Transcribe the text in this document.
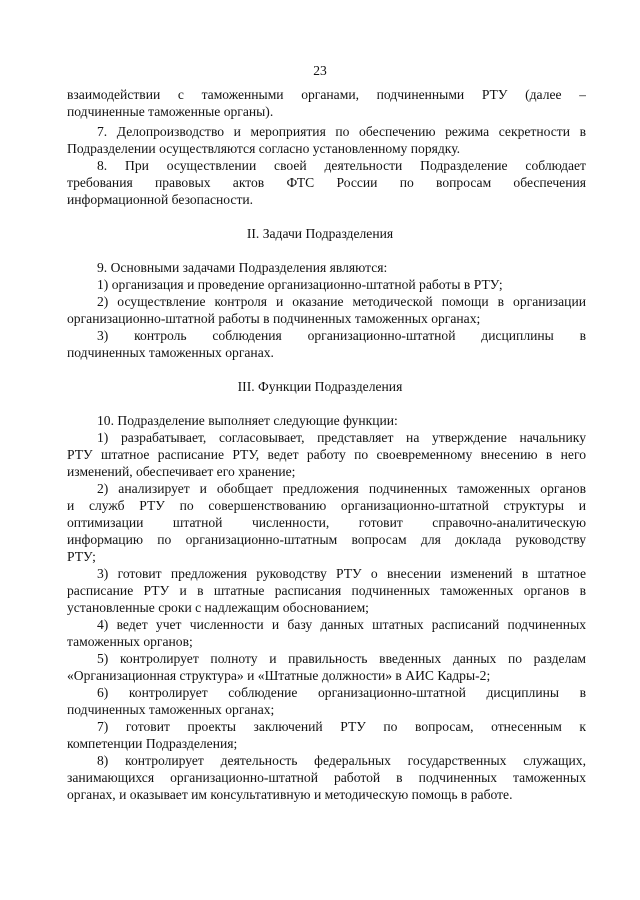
23
взаимодействии с таможенными органами, подчиненными РТУ (далее –
подчиненные таможенные органы).
7. Делопроизводство и мероприятия по обеспечению режима секретности в
Подразделении осуществляются согласно установленному порядку.
8. При осуществлении своей деятельности Подразделение соблюдает
требования правовых актов ФТС России по вопросам обеспечения
информационной безопасности.
II. Задачи Подразделения
9. Основными задачами Подразделения являются:
1) организация и проведение организационно-штатной работы в РТУ;
2) осуществление контроля и оказание методической помощи в организации
организационно-штатной работы в подчиненных таможенных органах;
3) контроль соблюдения организационно-штатной дисциплины в
подчиненных таможенных органах.
III. Функции Подразделения
10. Подразделение выполняет следующие функции:
1) разрабатывает, согласовывает, представляет на утверждение начальнику
РТУ штатное расписание РТУ, ведет работу по своевременному внесению в него
изменений, обеспечивает его хранение;
2) анализирует и обобщает предложения подчиненных таможенных органов
и служб РТУ по совершенствованию организационно-штатной структуры и
оптимизации штатной численности, готовит справочно-аналитическую
информацию по организационно-штатным вопросам для доклада руководству
РТУ;
3) готовит предложения руководству РТУ о внесении изменений в штатное
расписание РТУ и в штатные расписания подчиненных таможенных органов в
установленные сроки с надлежащим обоснованием;
4) ведет учет численности и базу данных штатных расписаний подчиненных
таможенных органов;
5) контролирует полноту и правильность введенных данных по разделам
«Организационная структура» и «Штатные должности» в АИС Кадры-2;
6) контролирует соблюдение организационно-штатной дисциплины в
подчиненных таможенных органах;
7) готовит проекты заключений РТУ по вопросам, отнесенным к
компетенции Подразделения;
8) контролирует деятельность федеральных государственных служащих,
занимающихся организационно-штатной работой в подчиненных таможенных
органах, и оказывает им консультативную и методическую помощь в работе.
